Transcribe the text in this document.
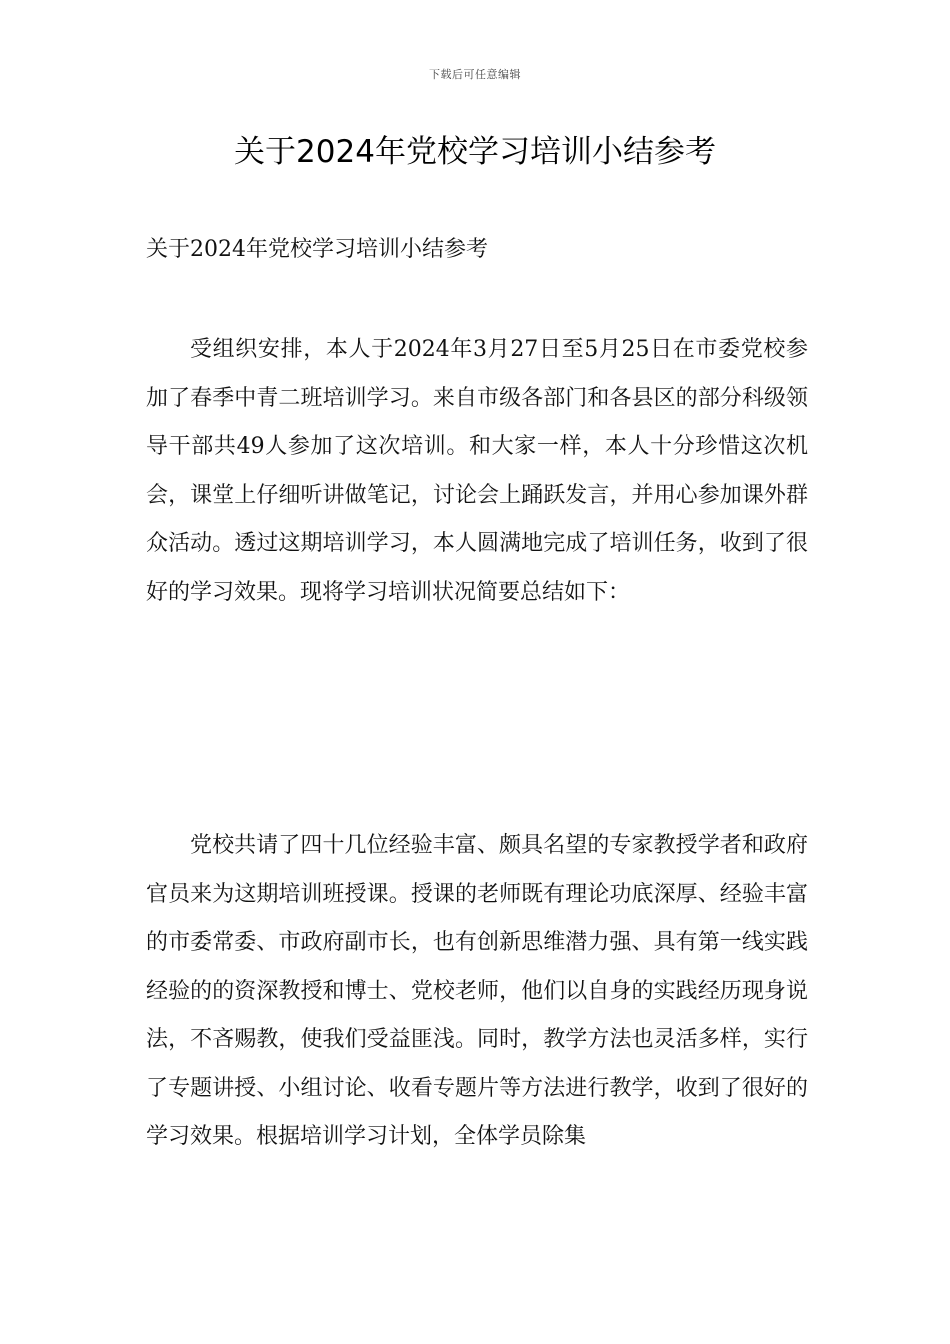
下载后可任意编辑
关于2024年党校学习培训小结参考
关于2024年党校学习培训小结参考

受组织安排，本人于2024年3月27日至5月25日在市委党校参加了春季中青二班培训学习。来自市级各部门和各县区的部分科级领导干部共49人参加了这次培训。和大家一样，本人十分珍惜这次机会，课堂上仔细听讲做笔记，讨论会上踊跃发言，并用心参加课外群众活动。透过这期培训学习，本人圆满地完成了培训任务，收到了很好的学习效果。现将学习培训状况简要总结如下：

党校共请了四十几位经验丰富、颇具名望的专家教授学者和政府官员来为这期培训班授课。授课的老师既有理论功底深厚、经验丰富的市委常委、市政府副市长，也有创新思维潜力强、具有第一线实践经验的的资深教授和博士、党校老师，他们以自身的实践经历现身说法，不吝赐教，使我们受益匪浅。同时，教学方法也灵活多样，实行了专题讲授、小组讨论、收看专题片等方法进行教学，收到了很好的学习效果。根据培训学习计划，全体学员除集
